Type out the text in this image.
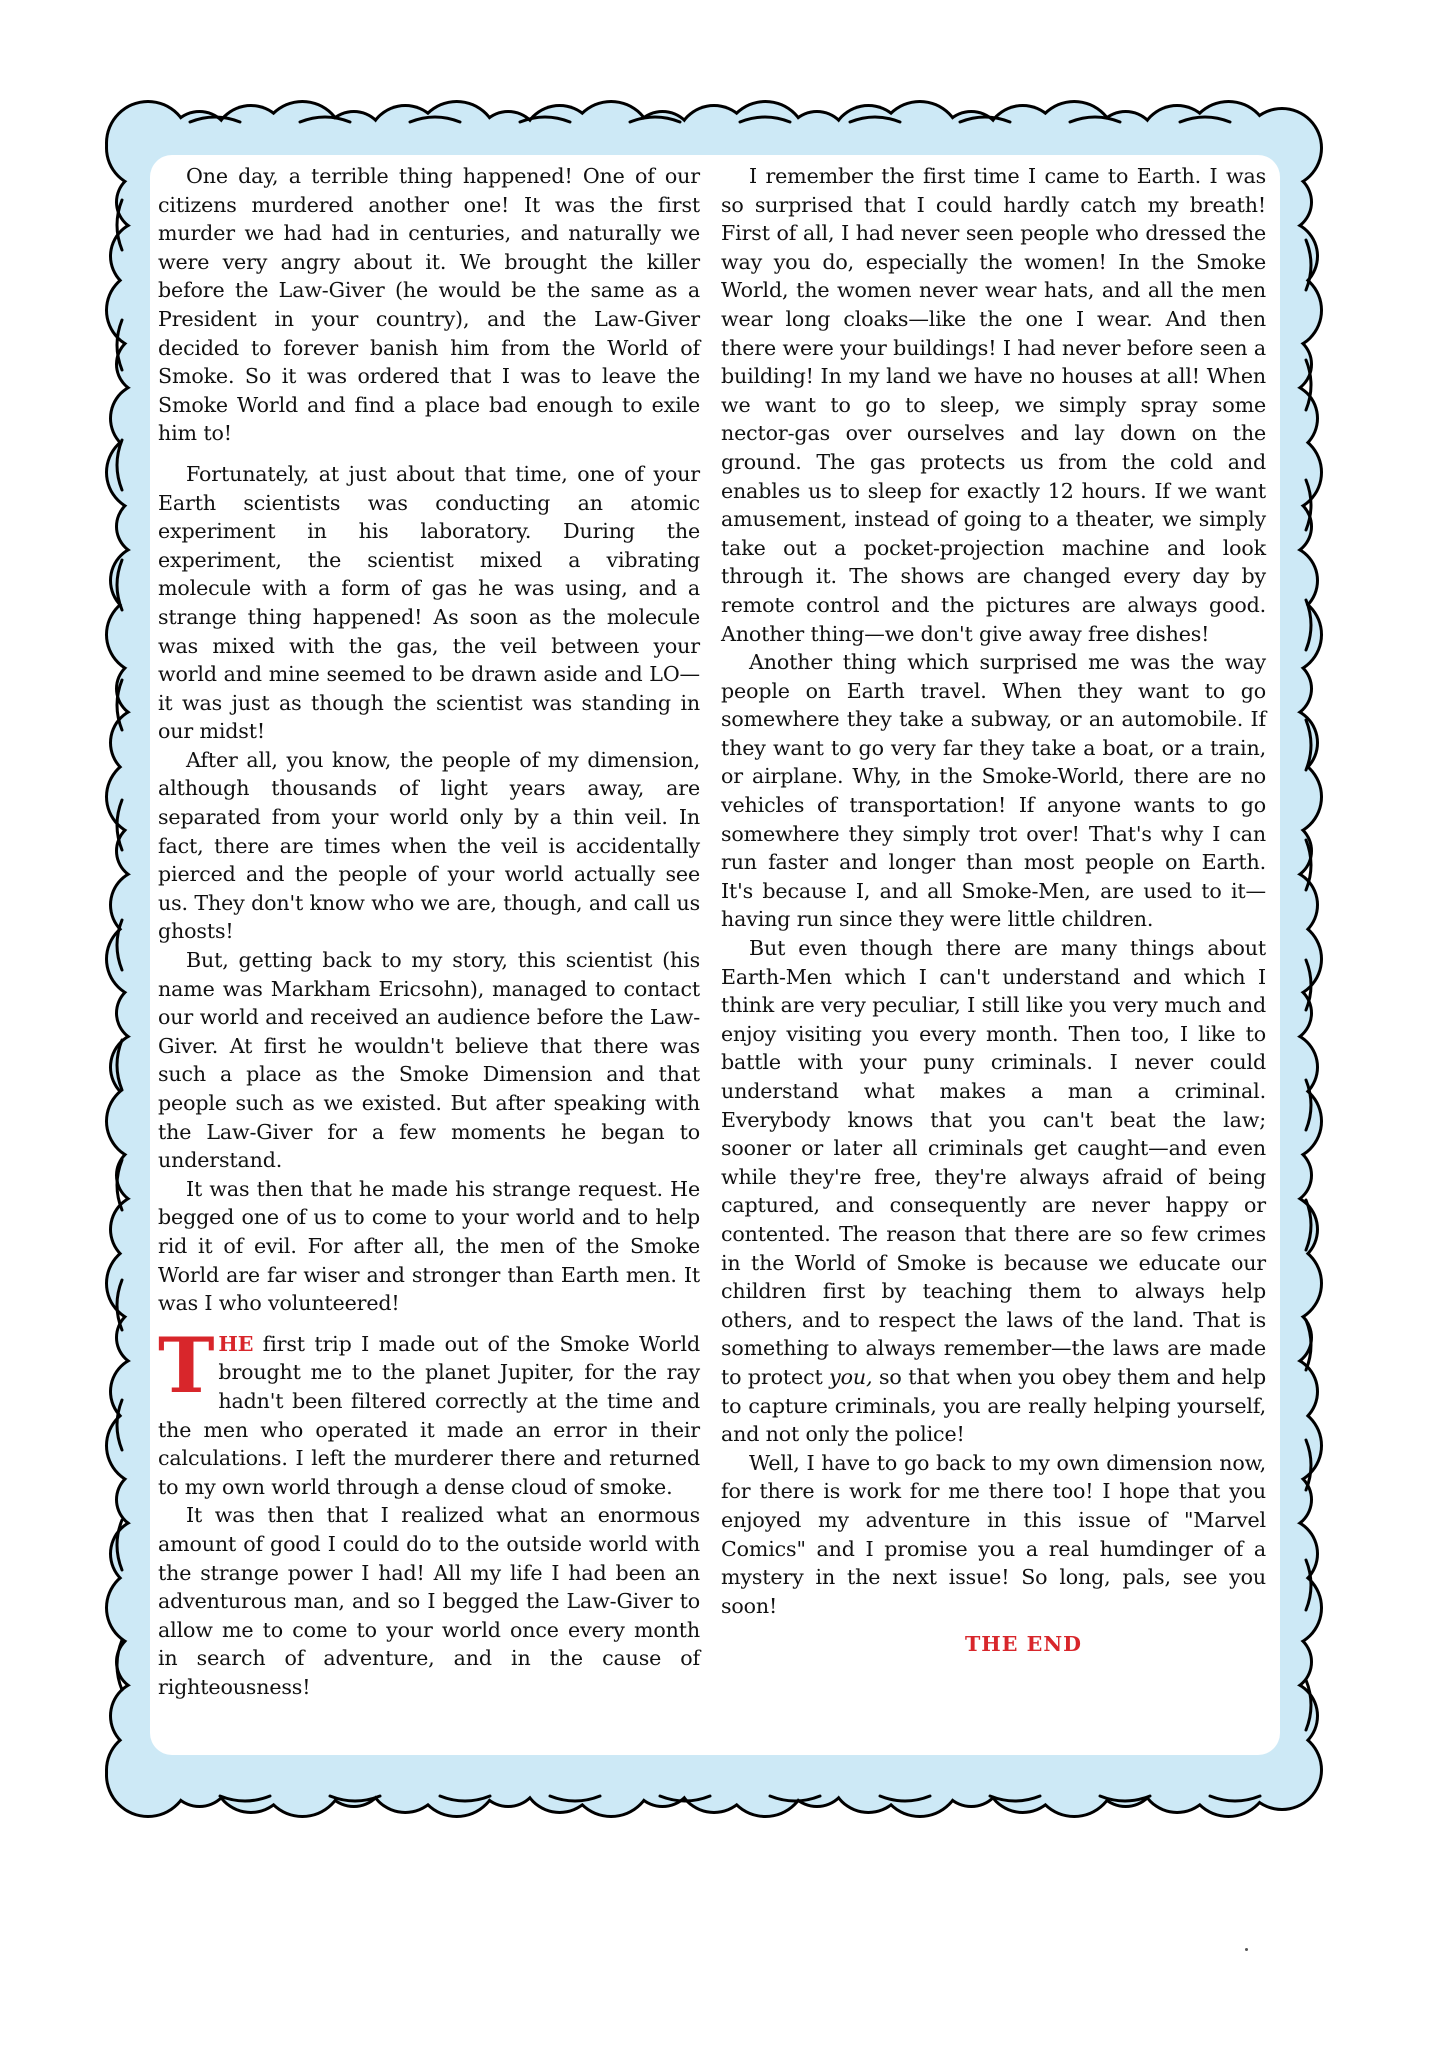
One day, a terrible thing happened! One of our citizens murdered another one! It was the first murder we had had in centuries, and naturally we were very angry about it. We brought the killer before the Law-Giver (he would be the same as a President in your country), and the Law-Giver decided to forever banish him from the World of Smoke. So it was ordered that I was to leave the Smoke World and find a place bad enough to exile him to!

Fortunately, at just about that time, one of your Earth scientists was conducting an atomic experiment in his laboratory. During the experiment, the scientist mixed a vibrating molecule with a form of gas he was using, and a strange thing happened! As soon as the molecule was mixed with the gas, the veil between your world and mine seemed to be drawn aside and LO—it was just as though the scientist was standing in our midst!

After all, you know, the people of my dimension, although thousands of light years away, are separated from your world only by a thin veil. In fact, there are times when the veil is accidentally pierced and the people of your world actually see us. They don't know who we are, though, and call us ghosts!

But, getting back to my story, this scientist (his name was Markham Ericsohn), managed to contact our world and received an audience before the Law-Giver. At first he wouldn't believe that there was such a place as the Smoke Dimension and that people such as we existed. But after speaking with the Law-Giver for a few moments he began to understand.

It was then that he made his strange request. He begged one of us to come to your world and to help rid it of evil. For after all, the men of the Smoke World are far wiser and stronger than Earth men. It was I who volunteered!

THE first trip I made out of the Smoke World brought me to the planet Jupiter, for the ray hadn't been filtered correctly at the time and the men who operated it made an error in their calculations. I left the murderer there and returned to my own world through a dense cloud of smoke.

It was then that I realized what an enormous amount of good I could do to the outside world with the strange power I had! All my life I had been an adventurous man, and so I begged the Law-Giver to allow me to come to your world once every month in search of adventure, and in the cause of righteousness!

I remember the first time I came to Earth. I was so surprised that I could hardly catch my breath! First of all, I had never seen people who dressed the way you do, especially the women! In the Smoke World, the women never wear hats, and all the men wear long cloaks—like the one I wear. And then there were your buildings! I had never before seen a building! In my land we have no houses at all! When we want to go to sleep, we simply spray some nector-gas over ourselves and lay down on the ground. The gas protects us from the cold and enables us to sleep for exactly 12 hours. If we want amusement, instead of going to a theater, we simply take out a pocket-projection machine and look through it. The shows are changed every day by remote control and the pictures are always good. Another thing—we don't give away free dishes!

Another thing which surprised me was the way people on Earth travel. When they want to go somewhere they take a subway, or an automobile. If they want to go very far they take a boat, or a train, or airplane. Why, in the Smoke-World, there are no vehicles of transportation! If anyone wants to go somewhere they simply trot over! That's why I can run faster and longer than most people on Earth. It's because I, and all Smoke-Men, are used to it—having run since they were little children.

But even though there are many things about Earth-Men which I can't understand and which I think are very peculiar, I still like you very much and enjoy visiting you every month. Then too, I like to battle with your puny criminals. I never could understand what makes a man a criminal. Everybody knows that you can't beat the law; sooner or later all criminals get caught—and even while they're free, they're always afraid of being captured, and consequently are never happy or contented. The reason that there are so few crimes in the World of Smoke is because we educate our children first by teaching them to always help others, and to respect the laws of the land. That is something to always remember—the laws are made to protect you, so that when you obey them and help to capture criminals, you are really helping yourself, and not only the police!

Well, I have to go back to my own dimension now, for there is work for me there too! I hope that you enjoyed my adventure in this issue of "Marvel Comics" and I promise you a real humdinger of a mystery in the next issue! So long, pals, see you soon!

THE END
